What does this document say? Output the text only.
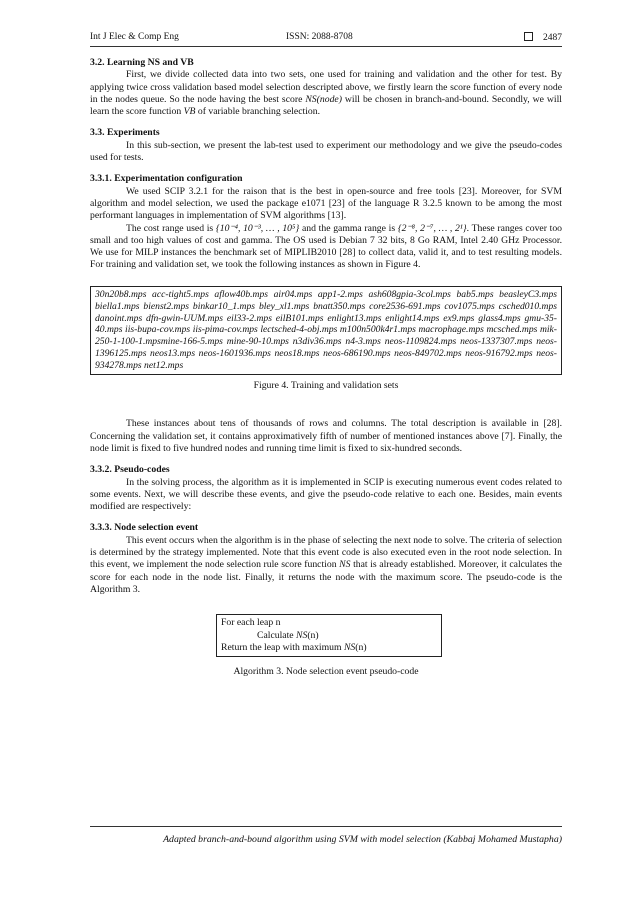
Int J Elec & Comp Eng	ISSN: 2088-8708	2487

3.2. Learning NS and VB

First, we divide collected data into two sets, one used for training and validation and the other for test. By applying twice cross validation based model selection descripted above, we firstly learn the score function of every node in the nodes queue. So the node having the best score NS(node) will be chosen in branch-and-bound. Secondly, we will learn the score function VB of variable branching selection.

3.3. Experiments

In this sub-section, we present the lab-test used to experiment our methodology and we give the pseudo-codes used for tests.

3.3.1. Experimentation configuration

We used SCIP 3.2.1 for the raison that is the best in open-source and free tools [23]. Moreover, for SVM algorithm and model selection, we used the package e1071 [23] of the language R 3.2.5 known to be among the most performant languages in implementation of SVM algorithms [13].

The cost range used is {10⁻⁴, 10⁻³, … , 10⁵} and the gamma range is {2⁻⁸, 2⁻⁷, … , 2¹}. These ranges cover too small and too high values of cost and gamma. The OS used is Debian 7 32 bits, 8 Go RAM, Intel 2.40 GHz Processor. We use for MILP instances the benchmark set of MIPLIB2010 [28] to collect data, valid it, and to test resulting models. For training and validation set, we took the following instances as shown in Figure 4.

30n20b8.mps acc-tight5.mps aflow40b.mps air04.mps app1-2.mps ash608gpia-3col.mps bab5.mps beasleyC3.mps biella1.mps bienst2.mps binkar10_1.mps bley_xl1.mps bnatt350.mps core2536-691.mps cov1075.mps csched010.mps danoint.mps dfn-gwin-UUM.mps eil33-2.mps eilB101.mps enlight13.mps enlight14.mps ex9.mps glass4.mps gmu-35-40.mps iis-bupa-cov.mps iis-pima-cov.mps lectsched-4-obj.mps m100n500k4r1.mps macrophage.mps mcsched.mps mik-250-1-100-1.mpsmine-166-5.mps mine-90-10.mps n3div36.mps n4-3.mps neos-1109824.mps neos-1337307.mps neos-1396125.mps neos13.mps neos-1601936.mps neos18.mps neos-686190.mps neos-849702.mps neos-916792.mps neos-934278.mps net12.mps

Figure 4. Training and validation sets

These instances about tens of thousands of rows and columns. The total description is available in [28]. Concerning the validation set, it contains approximatively fifth of number of mentioned instances above [7]. Finally, the node limit is fixed to five hundred nodes and running time limit is fixed to six-hundred seconds.

3.3.2. Pseudo-codes

In the solving process, the algorithm as it is implemented in SCIP is executing numerous event codes related to some events. Next, we will describe these events, and give the pseudo-code relative to each one. Besides, main events modified are respectively:

3.3.3. Node selection event

This event occurs when the algorithm is in the phase of selecting the next node to solve. The criteria of selection is determined by the strategy implemented. Note that this event code is also executed even in the root node selection. In this event, we implement the node selection rule score function NS that is already established. Moreover, it calculates the score for each node in the node list. Finally, it returns the node with the maximum score. The pseudo-code is the Algorithm 3.

For each leap n
Calculate NS(n)
Return the leap with maximum NS(n)

Algorithm 3. Node selection event pseudo-code

Adapted branch-and-bound algorithm using SVM with model selection (Kabbaj Mohamed Mustapha)
